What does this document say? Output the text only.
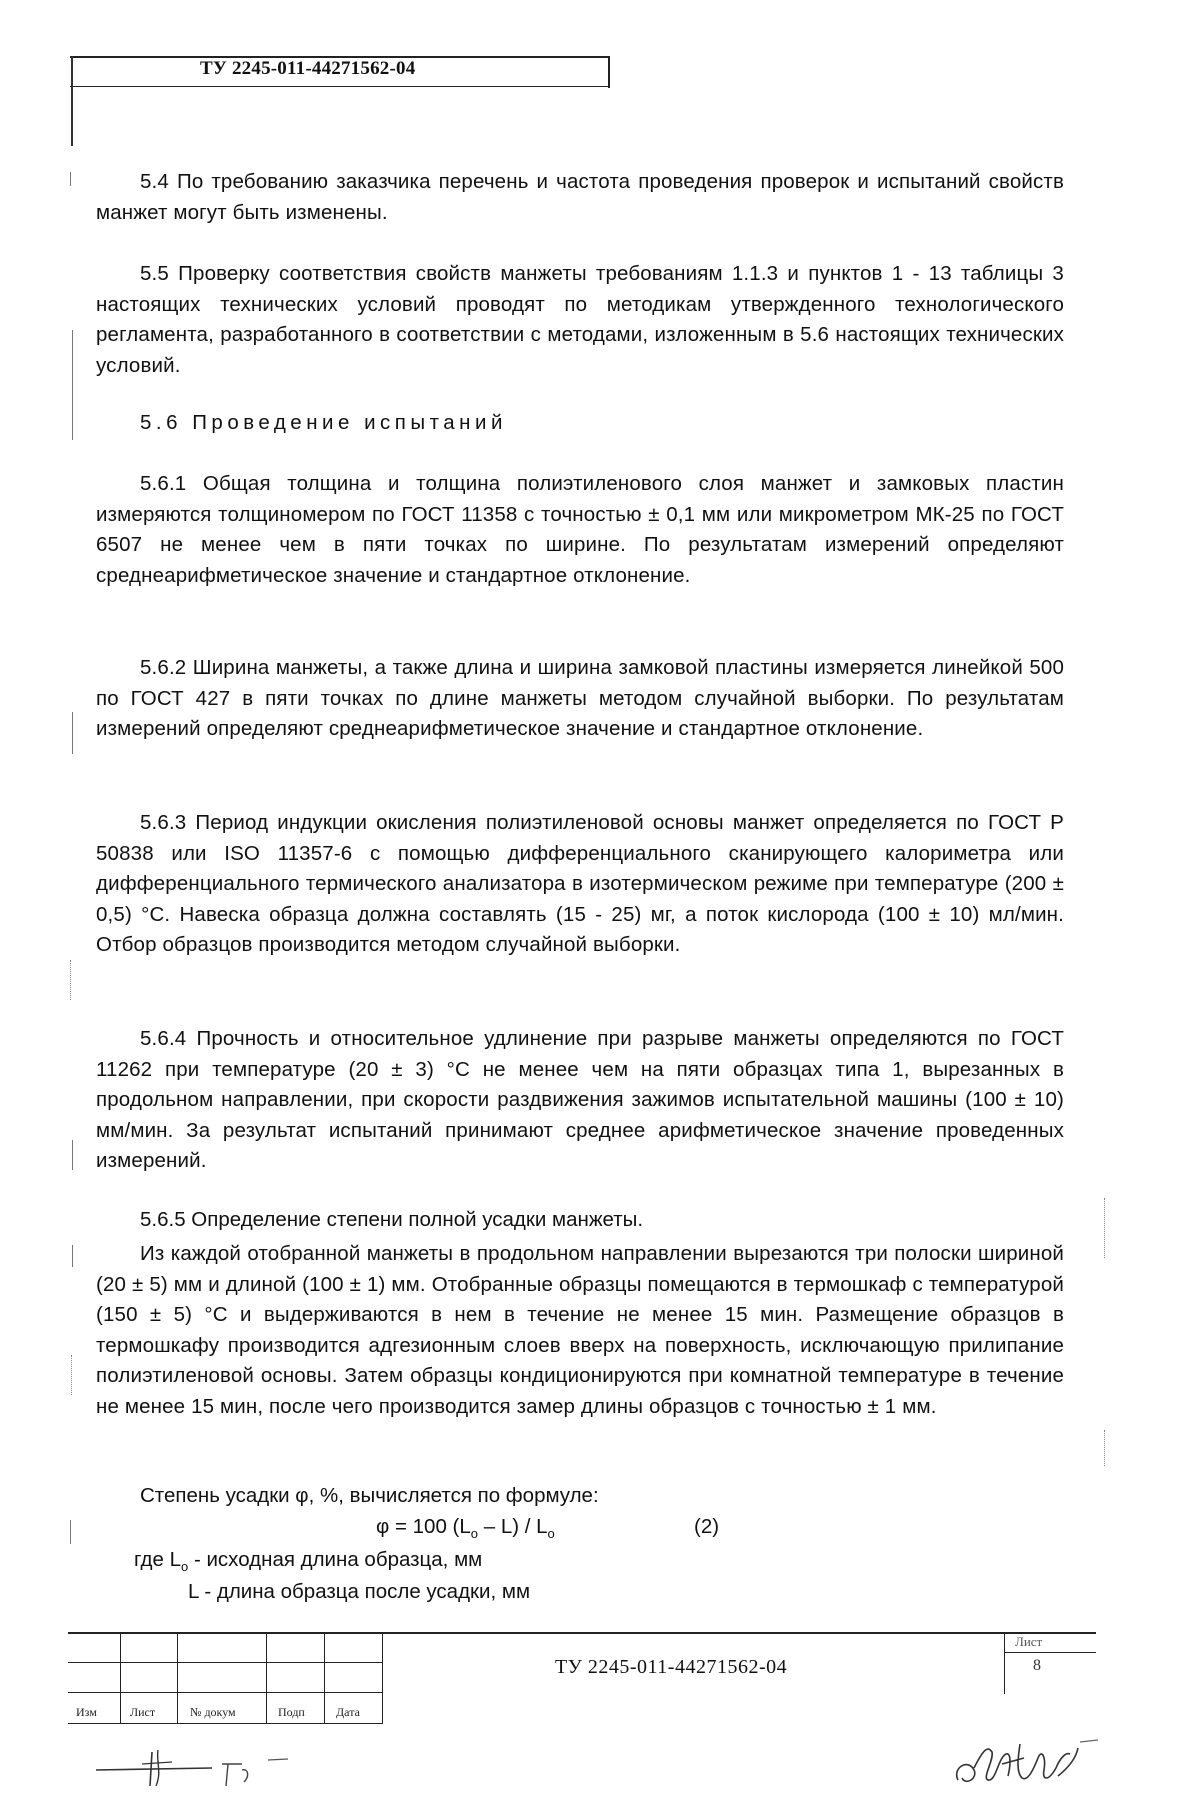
ТУ 2245-011-44271562-04
5.4 По требованию заказчика перечень и частота проведения проверок и испытаний свойств манжет могут быть изменены.
5.5 Проверку соответствия свойств манжеты требованиям 1.1.3 и пунктов 1 - 13 таблицы 3 настоящих технических условий проводят по методикам утвержденного технологического регламента, разработанного в соответствии с методами, изложенным в 5.6 настоящих технических условий.
5.6 Проведение испытаний
5.6.1 Общая толщина и толщина полиэтиленового слоя манжет и замковых пластин измеряются толщиномером по ГОСТ 11358 с точностью ± 0,1 мм или микрометром МК-25 по ГОСТ 6507 не менее чем в пяти точках по ширине. По результатам измерений определяют среднеарифметическое значение и стандартное отклонение.
5.6.2 Ширина манжеты, а также длина и ширина замковой пластины измеряется линейкой 500 по ГОСТ 427 в пяти точках по длине манжеты методом случайной выборки. По результатам измерений определяют среднеарифметическое значение и стандартное отклонение.
5.6.3 Период индукции окисления полиэтиленовой основы манжет определяется по ГОСТ Р 50838 или ISO 11357-6 с помощью дифференциального сканирующего калориметра или дифференциального термического анализатора в изотермическом режиме при температуре (200 ± 0,5) °С. Навеска образца должна составлять (15 - 25) мг, а поток кислорода (100 ± 10) мл/мин. Отбор образцов производится методом случайной выборки.
5.6.4 Прочность и относительное удлинение при разрыве манжеты определяются по ГОСТ 11262 при температуре (20 ± 3) °С не менее чем на пяти образцах типа 1, вырезанных в продольном направлении, при скорости раздвижения зажимов испытательной машины (100 ± 10) мм/мин. За результат испытаний принимают среднее арифметическое значение проведенных измерений.
5.6.5 Определение степени полной усадки манжеты.
Из каждой отобранной манжеты в продольном направлении вырезаются три полоски шириной (20 ± 5) мм и длиной (100 ± 1) мм. Отобранные образцы помещаются в термошкаф с температурой (150 ± 5) °С и выдерживаются в нем в течение не менее 15 мин. Размещение образцов в термошкафу производится адгезионным слоев вверх на поверхность, исключающую прилипание полиэтиленовой основы. Затем образцы кондиционируются при комнатной температуре в течение не менее 15 мин, после чего производится замер длины образцов с точностью ± 1 мм.
Степень усадки φ, %, вычисляется по формуле:
φ = 100 $(L_o - L) / L_o$	(2)
где $L_o$ - исходная длина образца, мм
L - длина образца после усадки, мм
Изм	Лист	№ докум	Подп	Дата
ТУ 2245-011-44271562-04
Лист
8
